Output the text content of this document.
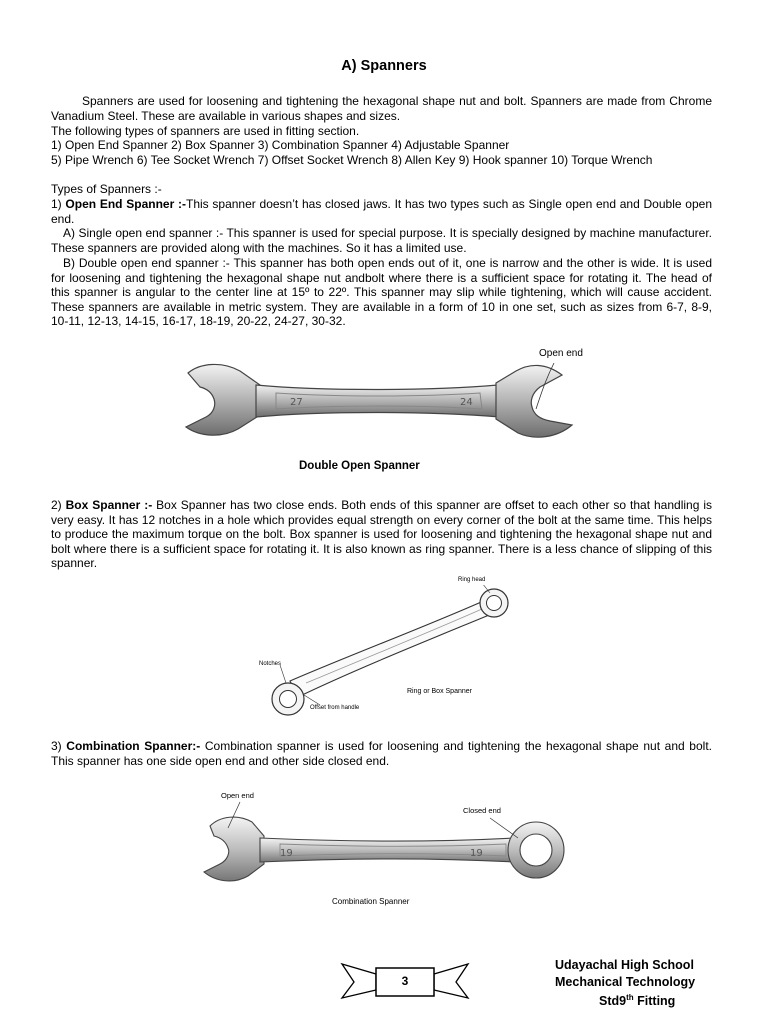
A) Spanners
Spanners are used for loosening and tightening the hexagonal shape nut and bolt. Spanners are made from Chrome Vanadium Steel. These are available in various shapes and sizes.
The following types of spanners are used in fitting section.
1) Open End Spanner 2) Box Spanner 3) Combination Spanner 4) Adjustable Spanner
5) Pipe Wrench 6) Tee Socket Wrench 7) Offset Socket Wrench 8) Allen Key 9) Hook spanner 10) Torque Wrench
Types of Spanners :-
1) Open End Spanner :-This spanner doesn’t has closed jaws. It has two types such as Single open end and Double open end.
A) Single open end spanner :- This spanner is used for special purpose. It is specially designed by machine manufacturer. These spanners are provided along with the machines. So it has a limited use.
B) Double open end spanner :- This spanner has both open ends out of it, one is narrow and the other is wide. It is used for loosening and tightening the hexagonal shape nut andbolt where there is a sufficient space for rotating it. The head of this spanner is angular to the center line at 15º to 22º. This spanner may slip while tightening, which will cause accident. These spanners are available in metric system. They are available in a form of 10 in one set, such as sizes from 6-7, 8-9, 10-11, 12-13, 14-15, 16-17, 18-19, 20-22, 24-27, 30-32.
27	24
Open end
Double Open Spanner
2) Box Spanner :- Box Spanner has two close ends. Both ends of this spanner are offset to each other so that handling is very easy. It has 12 notches in a hole which provides equal strength on every corner of the bolt at the same time. This helps to produce the maximum torque on the bolt. Box spanner is used for loosening and tightening the hexagonal shape nut and bolt where there is a sufficient space for rotating it. It is also known as ring spanner. There is a less chance of slipping of this spanner.
Ring head
Notches
Offset from handle
Ring or Box Spanner
3) Combination Spanner:- Combination spanner is used for loosening and tightening the hexagonal shape nut and bolt. This spanner has one side open end and other side closed end.
19	19
Open end
Closed end
Combination Spanner
3
Udayachal High School
Mechanical Technology
Std9th Fitting
